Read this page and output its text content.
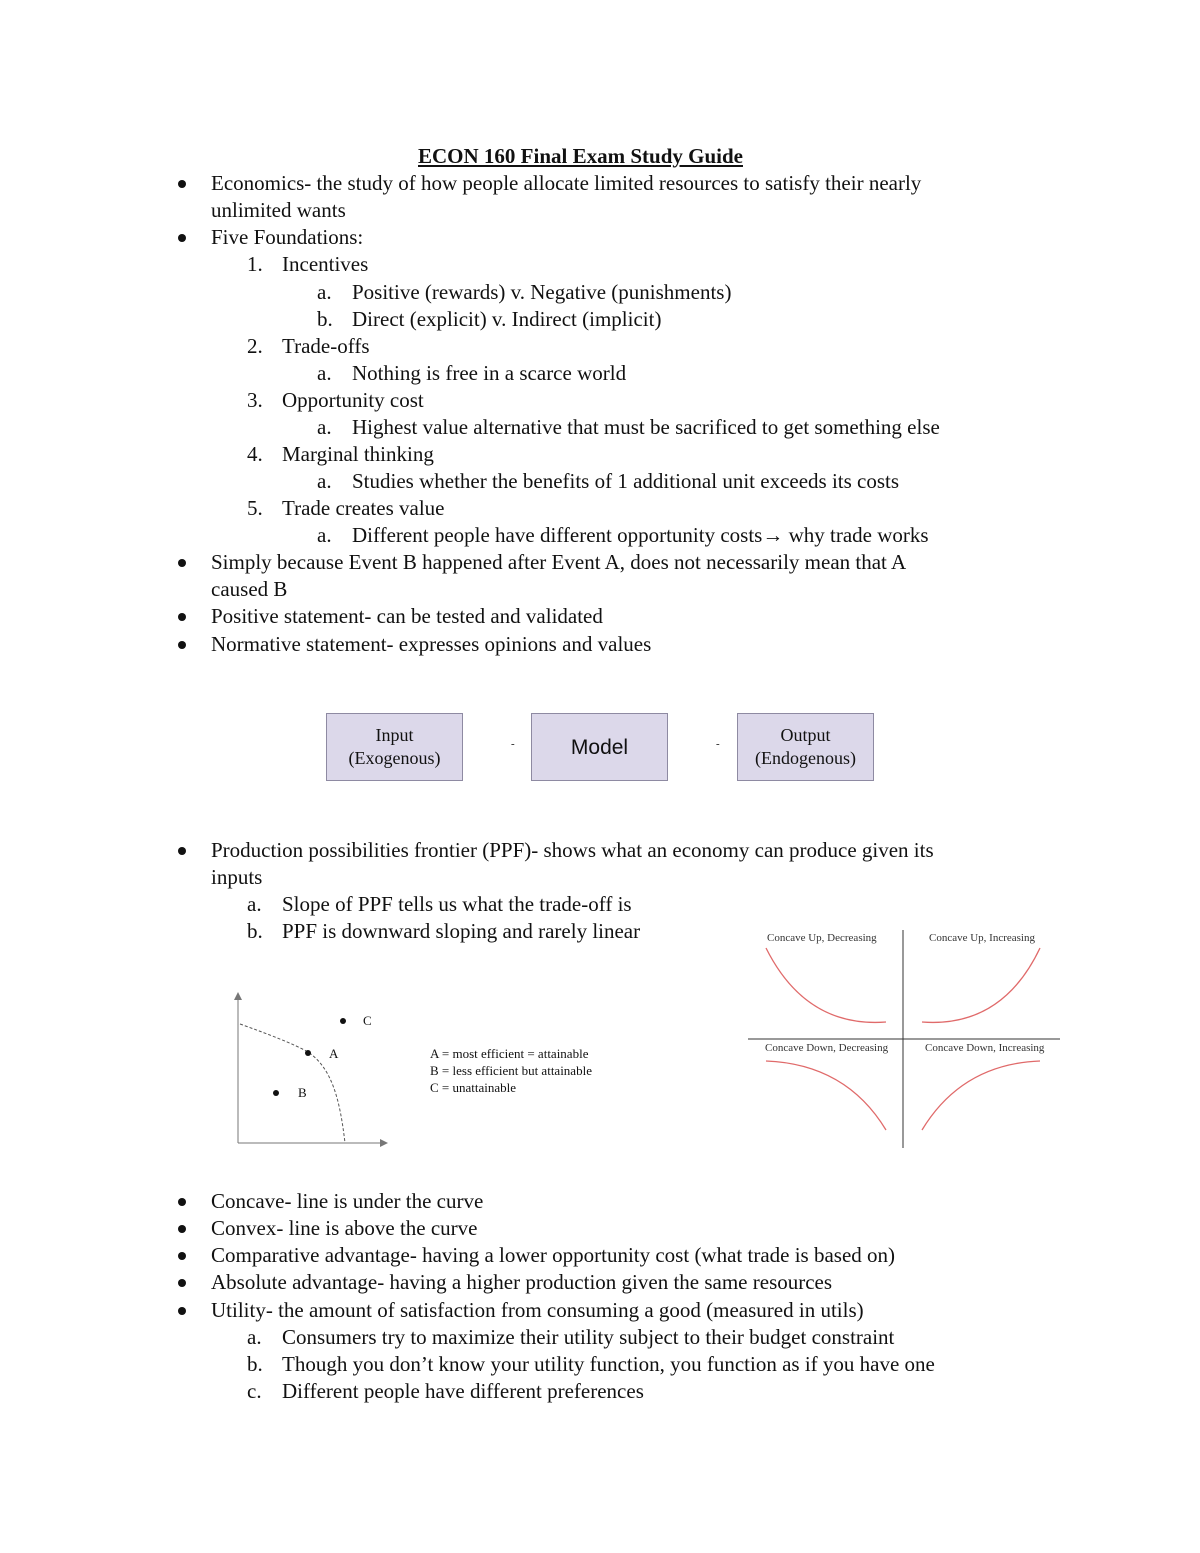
ECON 160 Final Exam Study Guide
Economics- the study of how people allocate limited resources to satisfy their nearly
unlimited wants
Five Foundations:
1. Incentives
a. Positive (rewards) v. Negative (punishments)
b. Direct (explicit) v. Indirect (implicit)
2. Trade-offs
a. Nothing is free in a scarce world
3. Opportunity cost
a. Highest value alternative that must be sacrificed to get something else
4. Marginal thinking
a. Studies whether the benefits of 1 additional unit exceeds its costs
5. Trade creates value
a. Different people have different opportunity costs→ why trade works
Simply because Event B happened after Event A, does not necessarily mean that A
caused B
Positive statement- can be tested and validated
Normative statement- expresses opinions and values
Input
(Exogenous)
-	Model	-	Output
(Endogenous)
Production possibilities frontier (PPF)- shows what an economy can produce given its
inputs
a. Slope of PPF tells us what the trade-off is
b. PPF is downward sloping and rarely linear
A
B
C
A = most efficient = attainable
B = less efficient but attainable
C = unattainable
Concave Up, Decreasing	Concave Up, Increasing
Concave Down, Decreasing	Concave Down, Increasing
Concave- line is under the curve
Convex- line is above the curve
Comparative advantage- having a lower opportunity cost (what trade is based on)
Absolute advantage- having a higher production given the same resources
Utility- the amount of satisfaction from consuming a good (measured in utils)
a. Consumers try to maximize their utility subject to their budget constraint
b. Though you don’t know your utility function, you function as if you have one
c. Different people have different preferences
